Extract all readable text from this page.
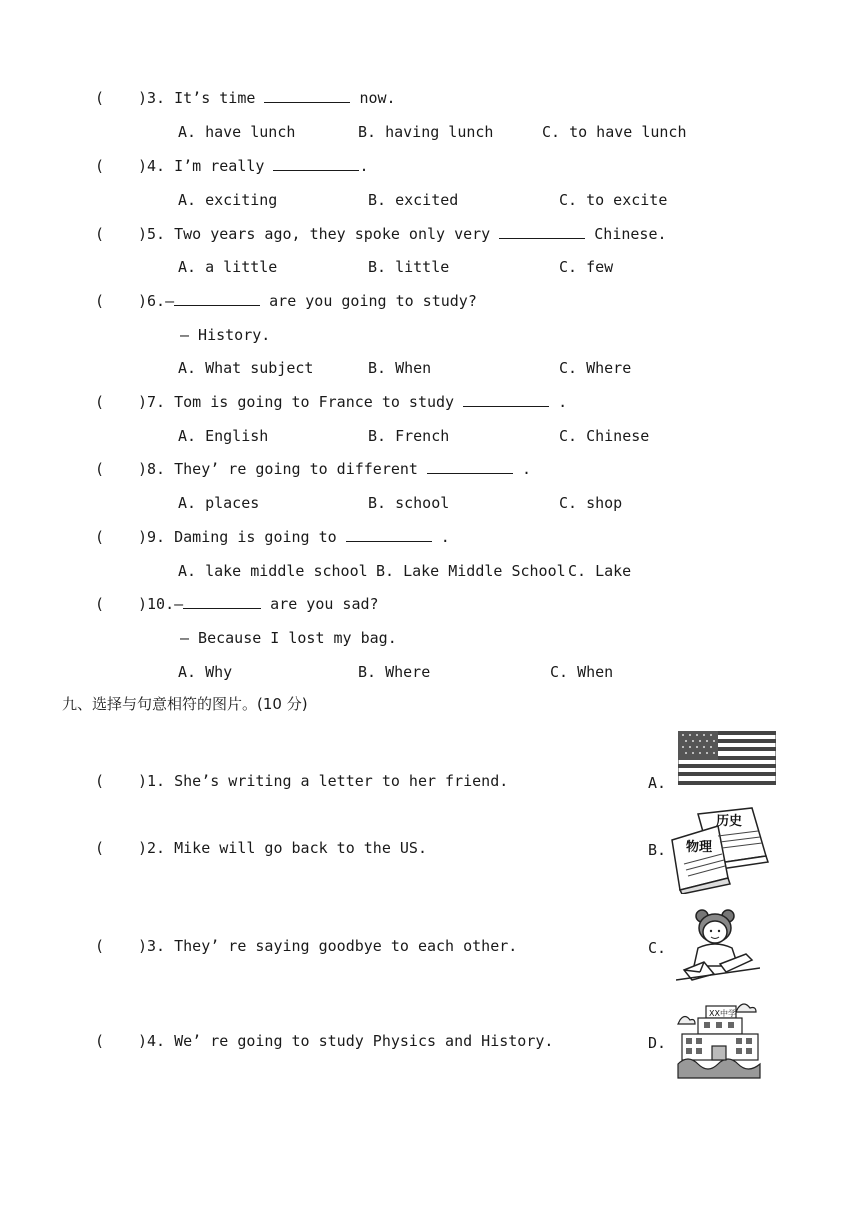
( )3. It’s time	now.
A. have lunch	B. having lunch	C. to have lunch
( )4. I’m really	.
A. exciting	B. excited	C. to excite
( )5. Two years ago, they spoke only very	Chinese.
A. a little	B. little	C. few
( )6.—	are you going to study?
— History.
A. What subject	B. When	C. Where
( )7. Tom is going to France to study	.
A. English	B. French	C. Chinese
( )8. They’ re going to different	.
A. places	B. school	C. shop
( )9. Daming is going to	.
A. lake middle school B. Lake Middle School C. Lake
( )10.—	are you sad?
— Because I lost my bag.
A. Why	B. Where	C. When
九、选择与句意相符的图片。(10 分)
( )1. She’s writing a letter to her friend.	A.
( )2. Mike will go back to the US.	B.
( )3. They’ re saying goodbye to each other.	C.
( )4. We’ re going to study Physics and History.	D.
历史
物理
XX中学
